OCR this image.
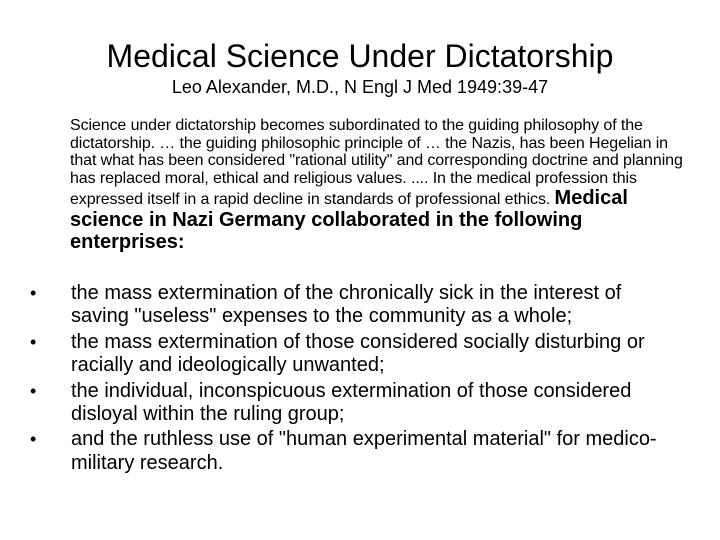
Medical Science Under Dictatorship
Leo Alexander, M.D., N Engl J Med 1949:39-47

Science under dictatorship becomes subordinated to the guiding philosophy of the dictatorship. … the guiding philosophic principle of … the Nazis, has been Hegelian in that what has been considered "rational utility" and corresponding doctrine and planning has replaced moral, ethical and religious values. .... In the medical profession this expressed itself in a rapid decline in standards of professional ethics. Medical science in Nazi Germany collaborated in the following enterprises:

• the mass extermination of the chronically sick in the interest of saving "useless" expenses to the community as a whole;
• the mass extermination of those considered socially disturbing or racially and ideologically unwanted;
• the individual, inconspicuous extermination of those considered disloyal within the ruling group;
• and the ruthless use of "human experimental material" for medico-military research.
